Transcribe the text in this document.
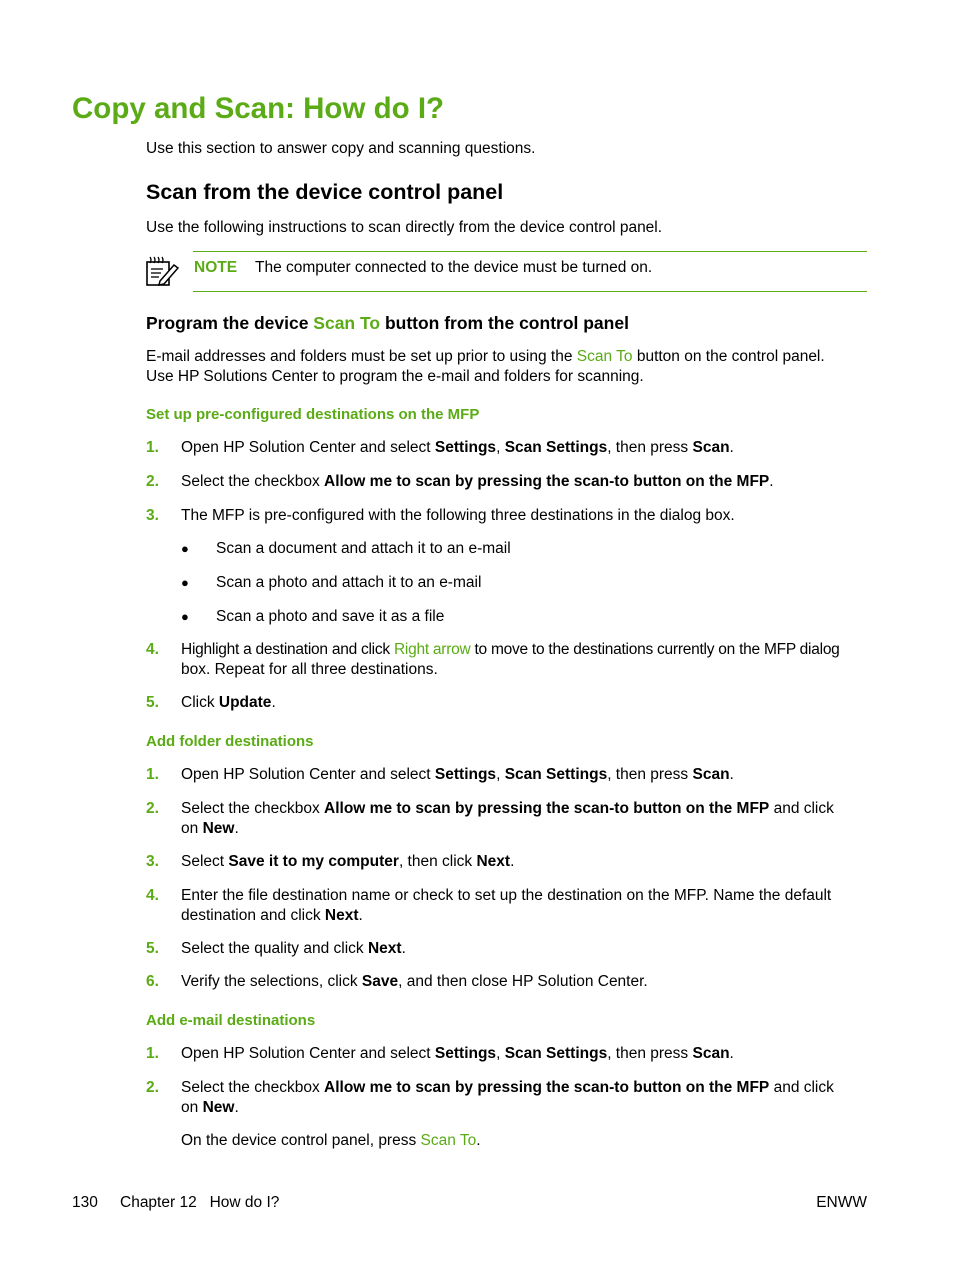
Copy and Scan: How do I?
Use this section to answer copy and scanning questions.
Scan from the device control panel
Use the following instructions to scan directly from the device control panel.
NOTE The computer connected to the device must be turned on.
Program the device Scan To button from the control panel
E-mail addresses and folders must be set up prior to using the Scan To button on the control panel.
Use HP Solutions Center to program the e-mail and folders for scanning.
Set up pre-configured destinations on the MFP
1. Open HP Solution Center and select Settings, Scan Settings, then press Scan.
2. Select the checkbox Allow me to scan by pressing the scan-to button on the MFP.
3. The MFP is pre-configured with the following three destinations in the dialog box.
● Scan a document and attach it to an e-mail
● Scan a photo and attach it to an e-mail
● Scan a photo and save it as a file
4. Highlight a destination and click Right arrow to move to the destinations currently on the MFP dialog
box. Repeat for all three destinations.
5. Click Update.
Add folder destinations
1. Open HP Solution Center and select Settings, Scan Settings, then press Scan.
2. Select the checkbox Allow me to scan by pressing the scan-to button on the MFP and click
on New.
3. Select Save it to my computer, then click Next.
4. Enter the file destination name or check to set up the destination on the MFP. Name the default
destination and click Next.
5. Select the quality and click Next.
6. Verify the selections, click Save, and then close HP Solution Center.
Add e-mail destinations
1. Open HP Solution Center and select Settings, Scan Settings, then press Scan.
2. Select the checkbox Allow me to scan by pressing the scan-to button on the MFP and click
on New.
On the device control panel, press Scan To.
130 Chapter 12   How do I?	ENWW
